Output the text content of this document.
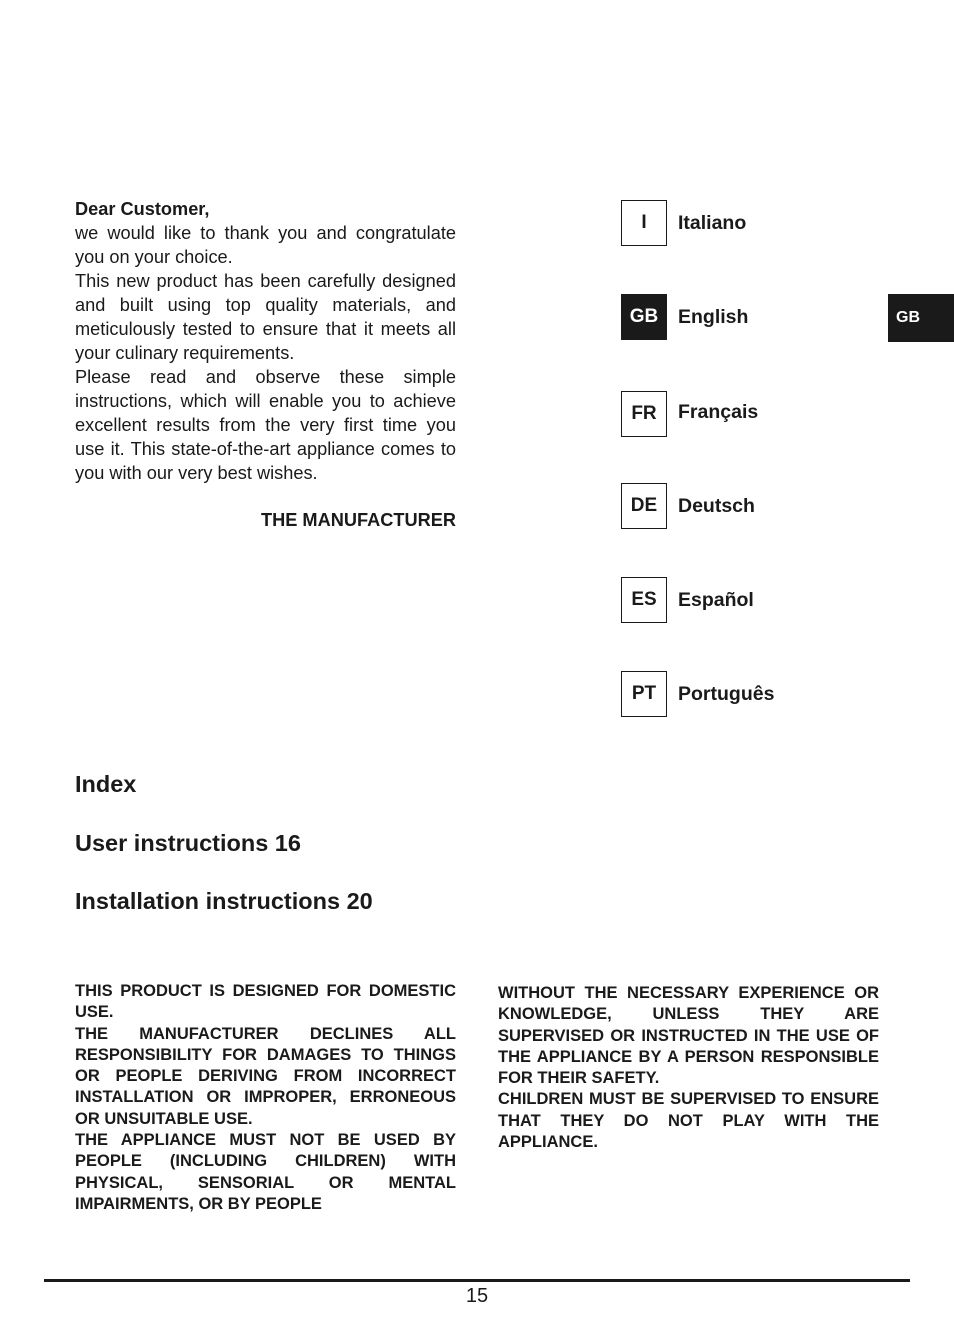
Dear Customer,

we would like to thank you and congratulate you on your choice.

This new product has been carefully designed and built using top quality materials, and meticulously tested to ensure that it meets all your culinary requirements.

Please read and observe these simple instructions, which will enable you to achieve excellent results from the very first time you use it. This state-of-the-art appliance comes to you with our very best wishes.

THE MANUFACTURER
I	Italiano
GB	English
FR	Français
DE	Deutsch
ES	Español
PT	Português
GB
Index
User instructions 16
Installation instructions 20

THIS PRODUCT IS DESIGNED FOR DOMESTIC USE.

THE MANUFACTURER DECLINES ALL RESPONSIBILITY FOR DAMAGES TO THINGS OR PEOPLE DERIVING FROM INCORRECT INSTALLATION OR IMPROPER, ERRONEOUS OR UNSUITABLE USE.

THE APPLIANCE MUST NOT BE USED BY PEOPLE (INCLUDING CHILDREN) WITH PHYSICAL, SENSORIAL OR MENTAL IMPAIRMENTS, OR BY PEOPLE

WITHOUT THE NECESSARY EXPERIENCE OR KNOWLEDGE, UNLESS THEY ARE SUPERVISED OR INSTRUCTED IN THE USE OF THE APPLIANCE BY A PERSON RESPONSIBLE FOR THEIR SAFETY.

CHILDREN MUST BE SUPERVISED TO ENSURE THAT THEY DO NOT PLAY WITH THE APPLIANCE.

15
